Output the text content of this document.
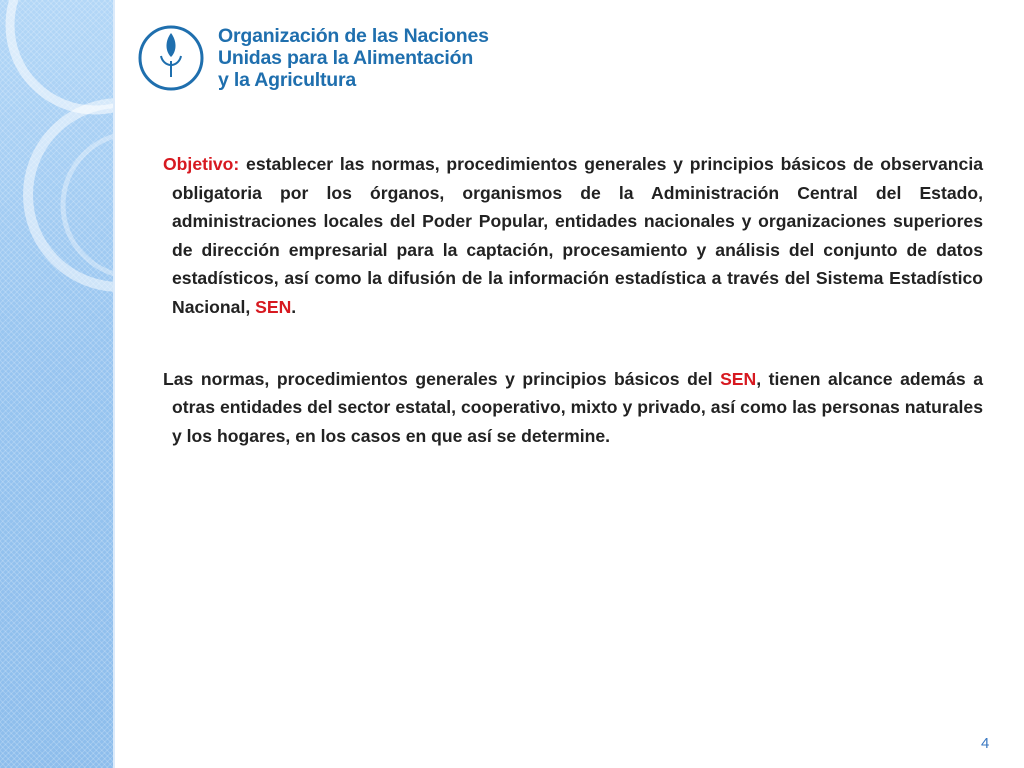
Organización de las Naciones
Unidas para la Alimentación
y la Agricultura
Objetivo: establecer las normas, procedimientos generales y principios básicos de observancia obligatoria por los órganos, organismos de la Administración Central del Estado, administraciones locales del Poder Popular, entidades nacionales y organizaciones superiores de dirección empresarial para la captación, procesamiento y análisis del conjunto de datos estadísticos, así como la difusión de la información estadística a través del Sistema Estadístico Nacional, SEN.
Las normas, procedimientos generales y principios básicos del SEN, tienen alcance además a otras entidades del sector estatal, cooperativo, mixto y privado, así como las personas naturales y los hogares, en los casos en que así se determine.
4
